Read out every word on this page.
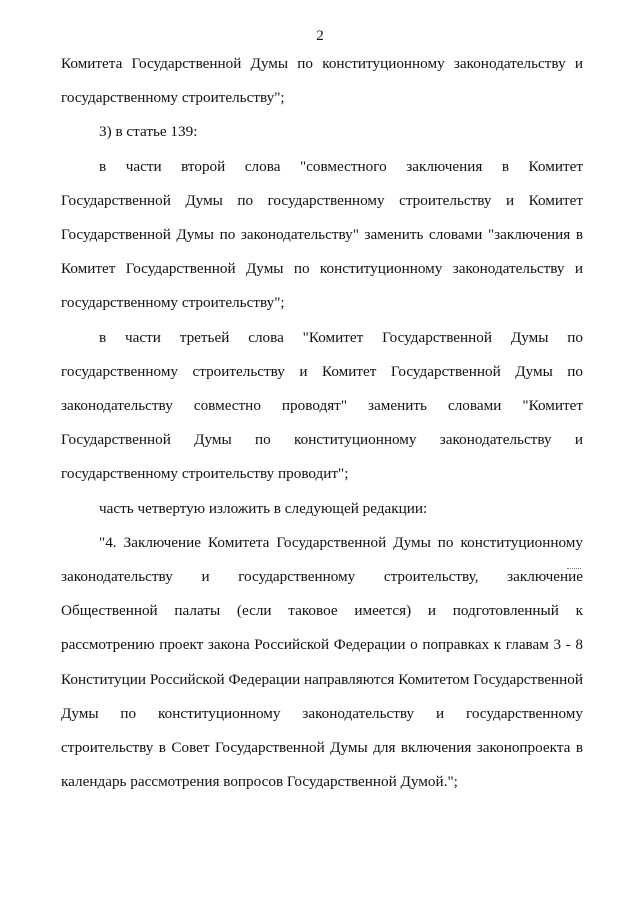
2

Комитета Государственной Думы по конституционному законодательству и государственному строительству";

3) в статье 139:

в части второй слова "совместного заключения в Комитет Государственной Думы по государственному строительству и Комитет Государственной Думы по законодательству" заменить словами "заключения в Комитет Государственной Думы по конституционному законодательству и государственному строительству";

в части третьей слова "Комитет Государственной Думы по государственному строительству и Комитет Государственной Думы по законодательству совместно проводят" заменить словами "Комитет Государственной Думы по конституционному законодательству и государственному строительству проводит";

часть четвертую изложить в следующей редакции:

"4. Заключение Комитета Государственной Думы по конституционному законодательству и государственному строительству, заключение Общественной палаты (если таковое имеется) и подготовленный к рассмотрению проект закона Российской Федерации о поправках к главам 3 - 8 Конституции Российской Федерации направляются Комитетом Государственной Думы по конституционному законодательству и государственному строительству в Совет Государственной Думы для включения законопроекта в календарь рассмотрения вопросов Государственной Думой.";
